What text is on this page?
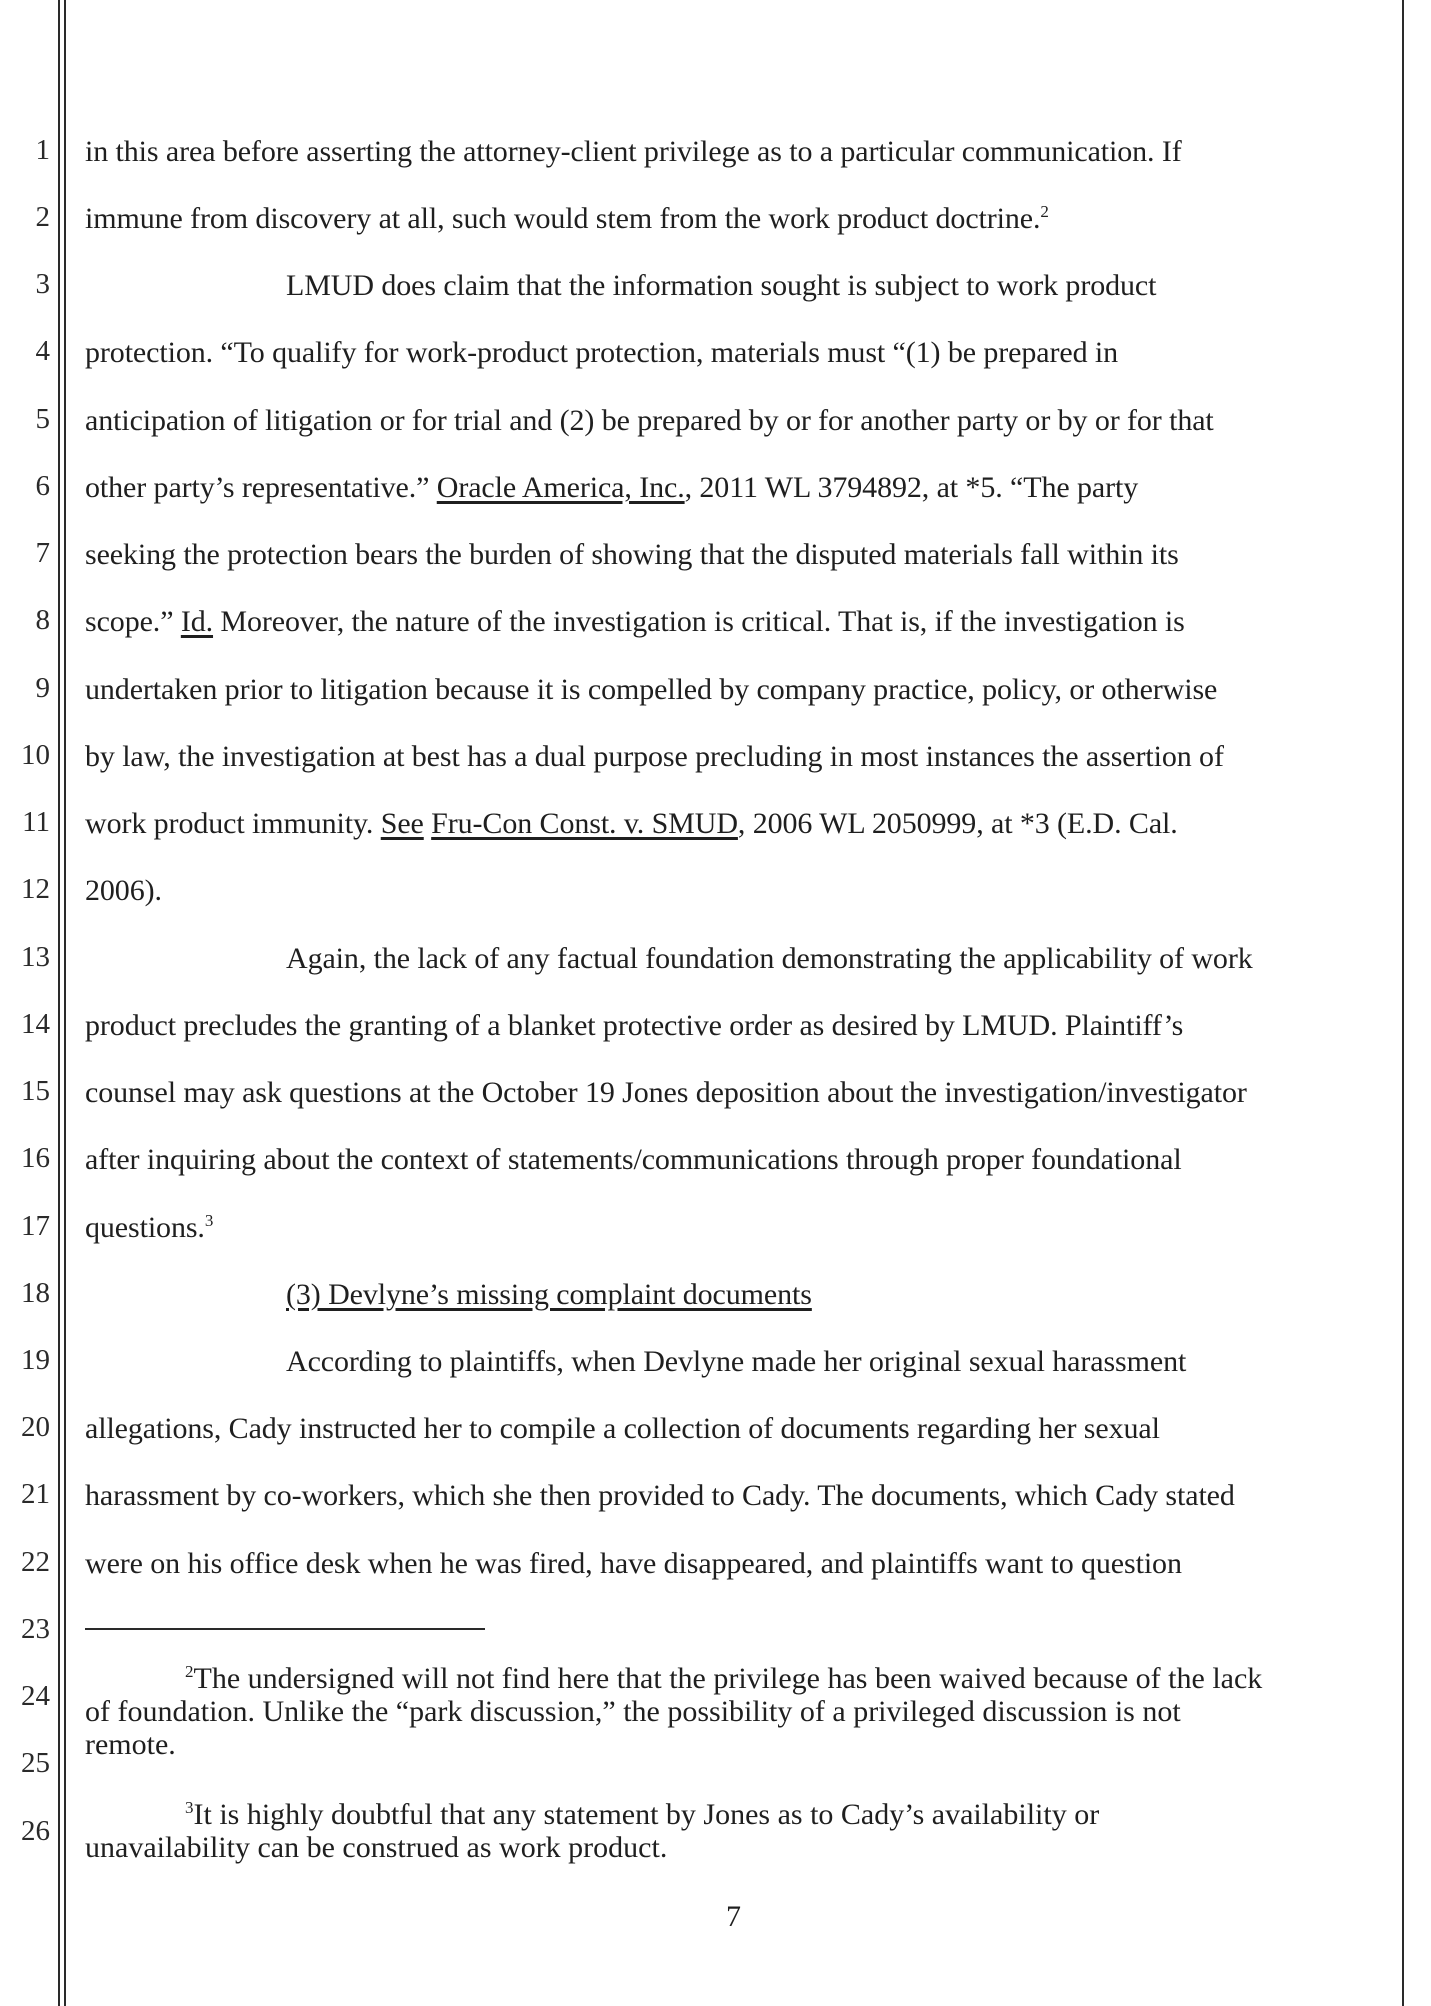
1
2
3
4
5
6
7
8
9
10
11
12
13
14
15
16
17
18
19
20
21
22
23
24
25
26
in this area before asserting the attorney-client privilege as to a particular communication. If
immune from discovery at all, such would stem from the work product doctrine.$^2$
LMUD does claim that the information sought is subject to work product
protection. “To qualify for work-product protection, materials must “(1) be prepared in
anticipation of litigation or for trial and (2) be prepared by or for another party or by or for that
other party’s representative.” Oracle America, Inc., 2011 WL 3794892, at *5. “The party
seeking the protection bears the burden of showing that the disputed materials fall within its
scope.” Id. Moreover, the nature of the investigation is critical. That is, if the investigation is
undertaken prior to litigation because it is compelled by company practice, policy, or otherwise
by law, the investigation at best has a dual purpose precluding in most instances the assertion of
work product immunity. See Fru-Con Const. v. SMUD, 2006 WL 2050999, at *3 (E.D. Cal.
2006).
Again, the lack of any factual foundation demonstrating the applicability of work
product precludes the granting of a blanket protective order as desired by LMUD. Plaintiff’s
counsel may ask questions at the October 19 Jones deposition about the investigation/investigator
after inquiring about the context of statements/communications through proper foundational
questions.$^3$
(3) Devlyne’s missing complaint documents
According to plaintiffs, when Devlyne made her original sexual harassment
allegations, Cady instructed her to compile a collection of documents regarding her sexual
harassment by co-workers, which she then provided to Cady. The documents, which Cady stated
were on his office desk when he was fired, have disappeared, and plaintiffs want to question
$^2$The undersigned will not find here that the privilege has been waived because of the lack
of foundation. Unlike the “park discussion,” the possibility of a privileged discussion is not
remote.
$^3$It is highly doubtful that any statement by Jones as to Cady’s availability or
unavailability can be construed as work product.
7
